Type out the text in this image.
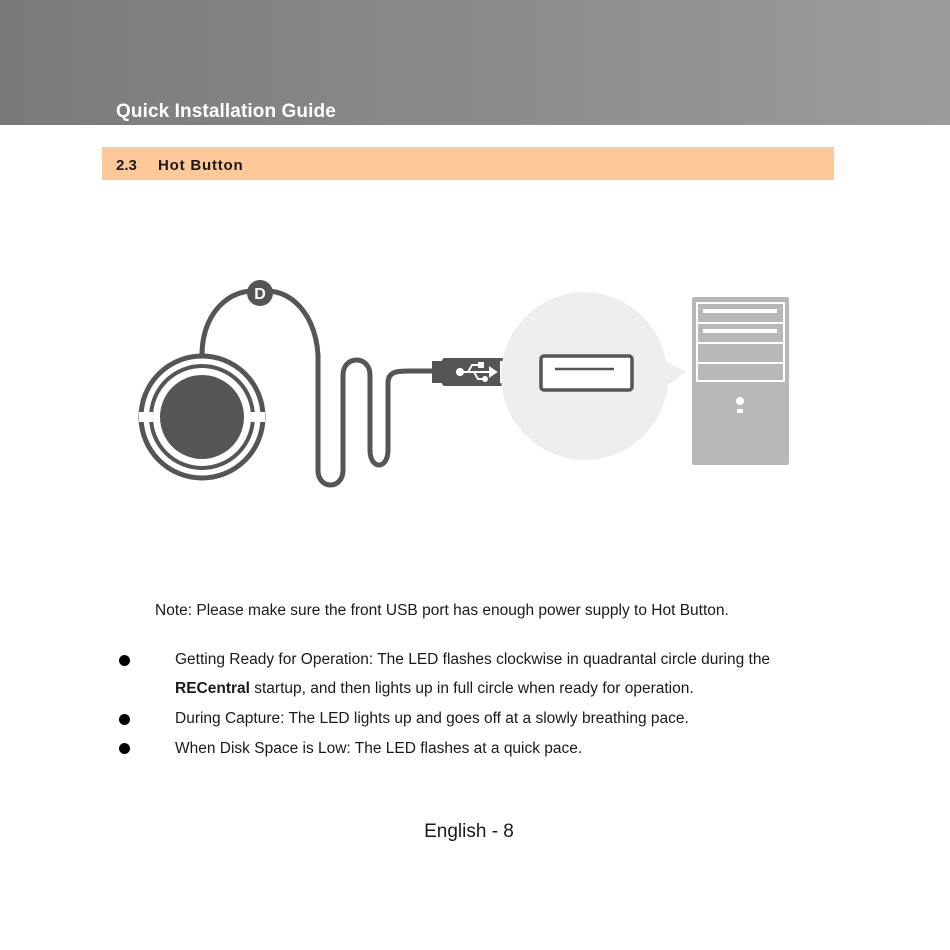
Quick Installation Guide
2.3 Hot Button
D
Note: Please make sure the front USB port has enough power supply to Hot Button.
Getting Ready for Operation: The LED flashes clockwise in quadrantal circle during the
RECentral startup, and then lights up in full circle when ready for operation.
During Capture: The LED lights up and goes off at a slowly breathing pace.
When Disk Space is Low: The LED flashes at a quick pace.
English - 8
